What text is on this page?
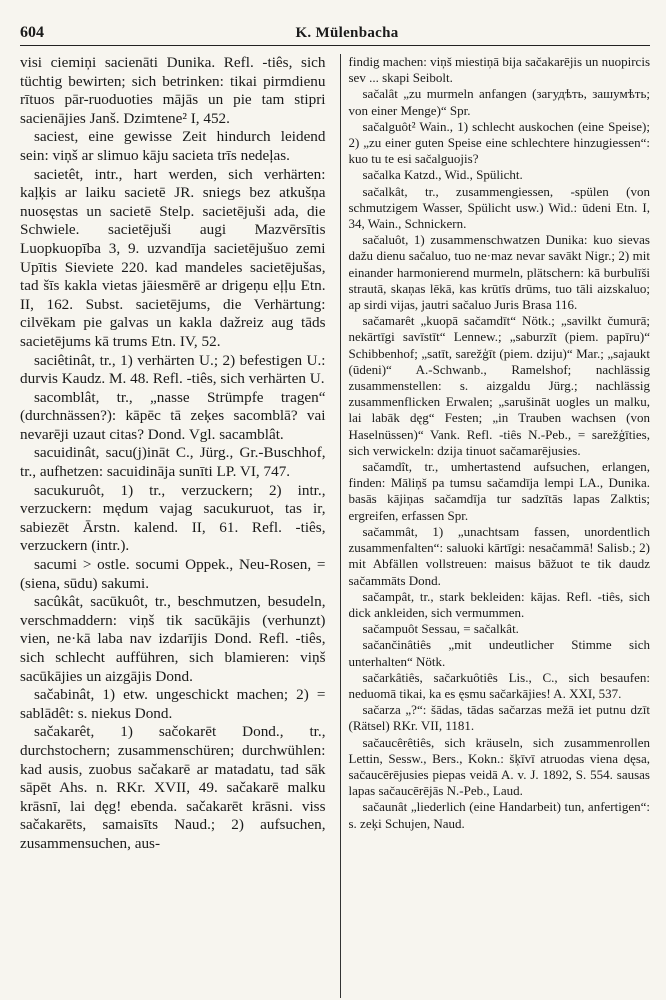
604	K. Mülenbacha

visi ciemiņi sacienāti Dunika. Refl. -tiês, sich tüchtig bewirten; sich betrinken: tikai pirmdienu rītuos pār-ruoduoties mājās un pie tam stipri sacienājies Janš. Dzimtene² I, 452.

saciest, eine gewisse Zeit hindurch leidend sein: viņš ar slimuo kāju sacieta trīs nedeļas.

sacietêt, intr., hart werden, sich verhärten: kaļķis ar laiku sacietē JR. sniegs bez atkušņa nuosęstas un sacietē Stelp. sacietējuši ada, die Schwiele. sacietējuši augi Mazvērsītis Luopkuopība 3, 9. uzvandīja sacietējušuo zemi Upītis Sieviete 220. kad mandeles sacietējušas, tad šīs kakla vietas jāiesmērē ar drigeņu eļļu Etn. II, 162. Subst. sacietējums, die Verhärtung: cilvēkam pie galvas un kakla dažreiz aug tāds sacietējums kā trums Etn. IV, 52.

saciêtinât, tr., 1) verhärten U.; 2) befestigen U.: durvis Kaudz. M. 48. Refl. -tiês, sich verhärten U.

sacomblât, tr., „nasse Strümpfe tragen“ (durchnässen?): kāpēc tā zeķes sacomblā? vai nevarēji uzaut citas? Dond. Vgl. sacamblât.

sacuidinât, sacu(j)ināt C., Jürg., Gr.-Buschhof, tr., aufhetzen: sacuidināja sunīti LP. VI, 747.

sacukuruôt, 1) tr., verzuckern; 2) intr., verzuckern: mędum vajag sacukuruot, tas ir, sabiezēt Ārstn. kalend. II, 61. Refl. -tiês, verzuckern (intr.).

sacumi > ostle. socumi Oppek., Neu-Rosen, = (siena, sūdu) sakumi.

sacûkât, sacūkuôt, tr., beschmutzen, besudeln, verschmaddern: viņš tik sacūkājis (verhunzt) vien, ne·kā laba nav izdarījis Dond. Refl. -tiês, sich schlecht aufführen, sich blamieren: viņš sacūkājies un aizgājis Dond.

sačabinât, 1) etw. ungeschickt machen; 2) = sablādêt: s. niekus Dond.

sačakarêt, 1) sačokarēt Dond., tr., durchstochern; zusammenschüren; durchwühlen: kad ausis, zuobus sačakarē ar matadatu, tad sāk sāpēt Ahs. n. RKr. XVII, 49. sačakarē malku krāsnī, lai dęg! ebenda. sačakarēt krāsni. viss sačakarēts, samaisīts Naud.; 2) aufsuchen, zusammensuchen, aus-

findig machen: viņš miestiņā bija sačakarējis un nuopircis sev ... skapi Seibolt.

sačalât „zu murmeln anfangen (загудѣть, зашумѣть; von einer Menge)“ Spr.

sačalguôt² Wain., 1) schlecht auskochen (eine Speise); 2) „zu einer guten Speise eine schlechtere hinzugiessen“: kuo tu te esi sačalguojis?

sačalka Katzd., Wid., Spülicht.

sačalkât, tr., zusammengiessen, -spülen (von schmutzigem Wasser, Spülicht usw.) Wid.: ūdeni Etn. I, 34, Wain., Schnickern.

sačaluôt, 1) zusammenschwatzen Dunika: kuo sievas dažu dienu sačaluo, tuo ne·maz nevar savākt Nigr.; 2) mit einander harmonierend murmeln, plätschern: kā burbulīši strautā, skaņas lēkā, kas krūtīs drūms, tuo tāli aizskaluo; ap sirdi vijas, jautri sačaluo Juris Brasa 116.

sačamarêt „kuopā sačamdīt“ Nötk.; „savilkt čumurā; nekārtīgi savīstīt“ Lennew.; „saburzīt (piem. papīru)“ Schibbenhof; „satīt, sarežģīt (piem. dziju)“ Mar.; „sajaukt (ūdeni)“ A.-Schwanb., Ramelshof; nachlässig zusammenstellen: s. aizgaldu Jürg.; nachlässig zusammenflicken Erwalen; „sarušināt uogles un malku, lai labāk dęg“ Festen; „in Trauben wachsen (von Haselnüssen)“ Vank. Refl. -tiês N.-Peb., = sarežģīties, sich verwickeln: dzija tinuot sačamarējusies.

sačamdît, tr., umhertastend aufsuchen, erlangen, finden: Māliņš pa tumsu sačamdīja lempi LA., Dunika. basās kājiņas sačamdīja tur sadzītās lapas Zalktis; ergreifen, erfassen Spr.

sačammât, 1) „unachtsam fassen, unordentlich zusammenfalten“: saluoki kārtīgi: nesačammā! Salisb.; 2) mit Abfällen vollstreuen: maisus bāžuot te tik daudz sačammāts Dond.

sačampât, tr., stark bekleiden: kājas. Refl. -tiês, sich dick ankleiden, sich vermummen.

sačampuôt Sessau, = sačalkât.

sačančinâtiês „mit undeutlicher Stimme sich unterhalten“ Nötk.

sačarkâtiês, sačarkuôtiês Lis., C., sich besaufen: neduomā tikai, ka es ęsmu sačarkājies! A. XXI, 537.

sačarza „?“: šādas, tādas sačarzas mežā iet putnu dzīt (Rätsel) RKr. VII, 1181.

sačaucêrêtiês, sich kräuseln, sich zusammenrollen Lettin, Sessw., Bers., Kokn.: šķīvī atruodas viena dęsa, sačaucērējusies piepas veidā A. v. J. 1892, S. 554. sausas lapas sačaucērējās N.-Peb., Laud.

sačaunât „liederlich (eine Handarbeit) tun, anfertigen“: s. zeķi Schujen, Naud.
